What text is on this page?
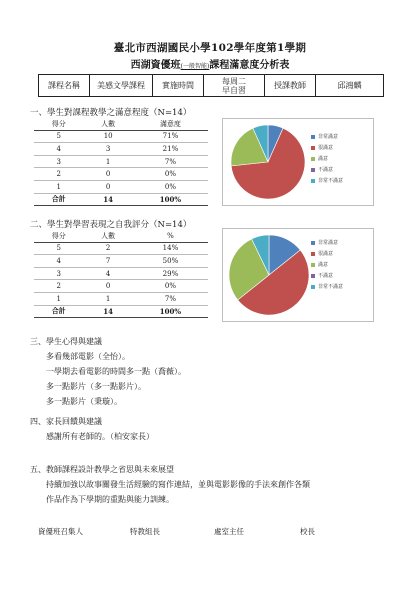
臺北市西湖國民小學102學年度第1學期
西湖資優班(一般智能)課程滿意度分析表
課程名稱	美感文學課程	實施時間	每周二
早自習	授課教師	邱鴻麟
一、學生對課程教學之滿意程度（N=14）
得分	人數	滿意度
5	10	71%
4	3	21%
3	1	7%
2	0	0%
1	0	0%
合計	14	100%
非常滿意
很滿意
滿意
不滿意
非常不滿意
二、學生對學習表現之自我評分（N=14）
得分	人數	%
5	2	14%
4	7	50%
3	4	29%
2	0	0%
1	1	7%
合計	14	100%
非常滿意
很滿意
滿意
不滿意
非常不滿意
三、學生心得與建議
多看幾部電影（全怡）。
一學期去看電影的時間多一點（喬薇）。
多一點影片（多一點影片）。
多一點影片（秉璇）。
四、家長回饋與建議
感謝所有老師的。（柏安家長）
五、教師課程設計教學之省思與未來展望
持續加強以故事關發生活經驗的寫作連結，並與電影影像的手法來創作各類
作品作為下學期的重點與能力訓練。
資優班召集人	特教組長	處室主任	校長
